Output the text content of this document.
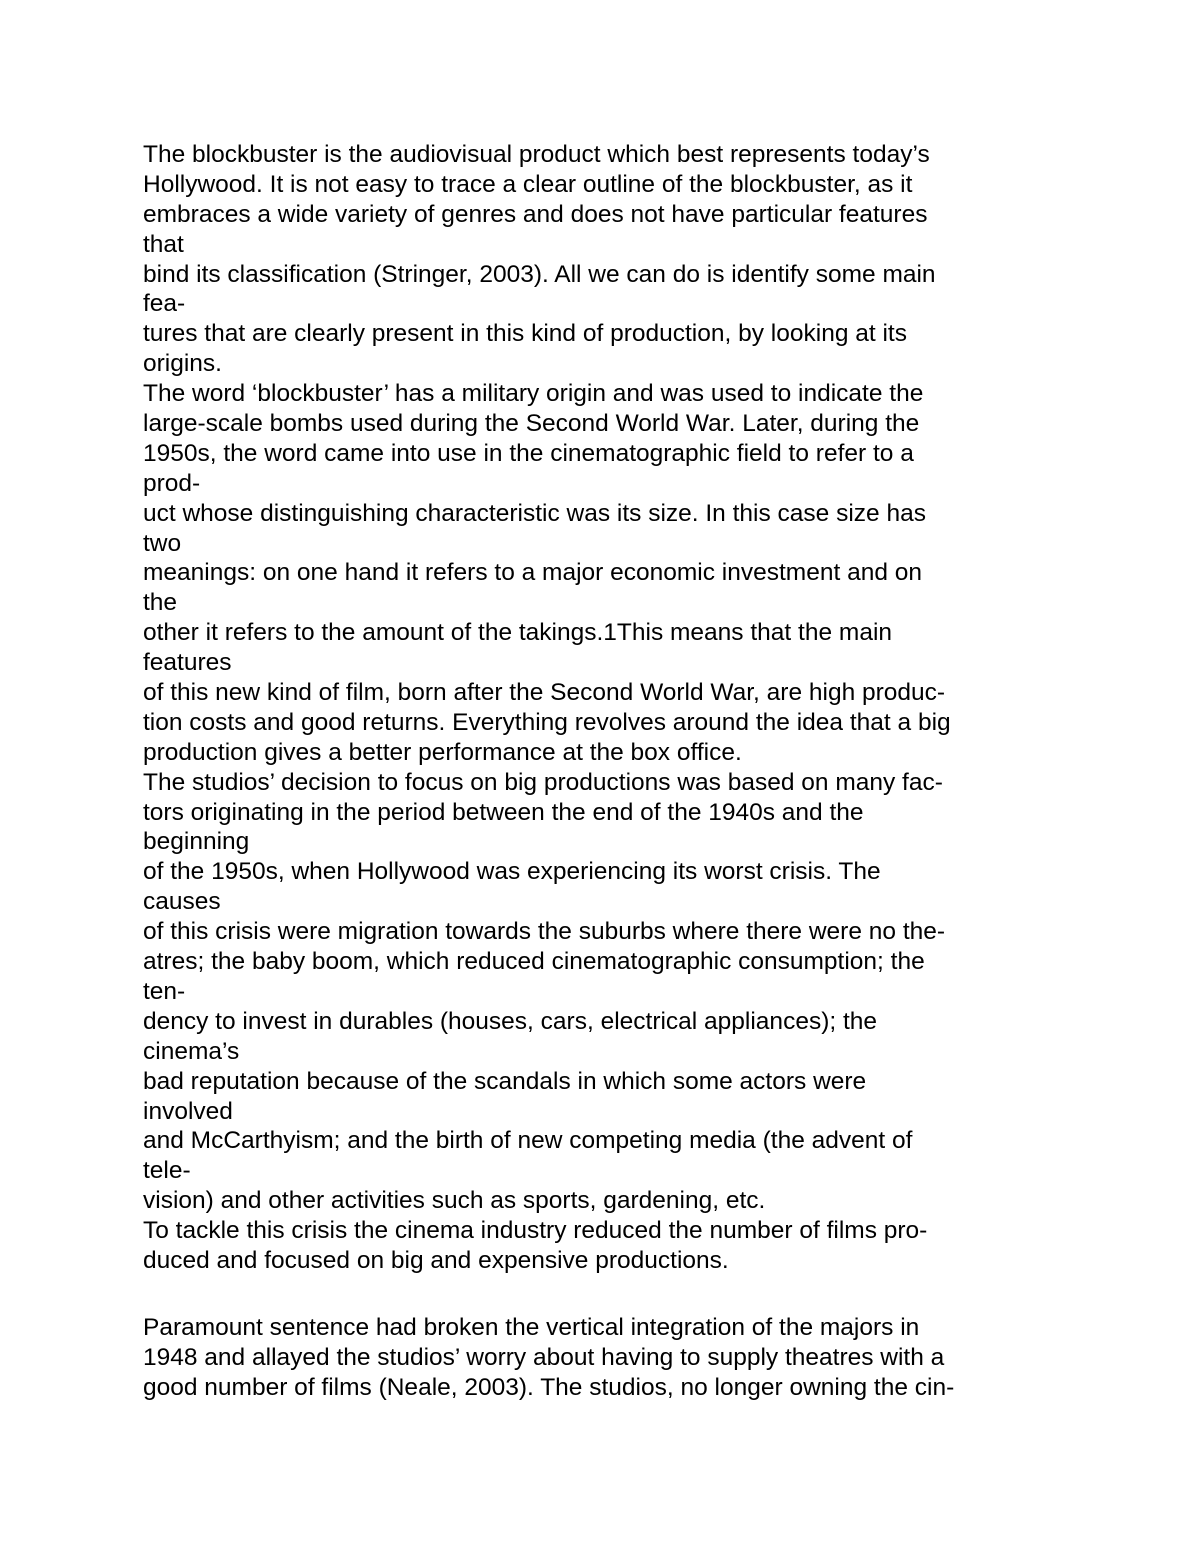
The blockbuster is the audiovisual product which best represents today’s
Hollywood. It is not easy to trace a clear outline of the blockbuster, as it
embraces a wide variety of genres and does not have particular features
that
bind its classification (Stringer, 2003). All we can do is identify some main
fea-
tures that are clearly present in this kind of production, by looking at its
origins.
The word ‘blockbuster’ has a military origin and was used to indicate the
large-scale bombs used during the Second World War. Later, during the
1950s, the word came into use in the cinematographic field to refer to a
prod-
uct whose distinguishing characteristic was its size. In this case size has
two
meanings: on one hand it refers to a major economic investment and on
the
other it refers to the amount of the takings.1This means that the main
features
of this new kind of film, born after the Second World War, are high produc-
tion costs and good returns. Everything revolves around the idea that a big
production gives a better performance at the box office.
The studios’ decision to focus on big productions was based on many fac-
tors originating in the period between the end of the 1940s and the
beginning
of the 1950s, when Hollywood was experiencing its worst crisis. The
causes
of this crisis were migration towards the suburbs where there were no the-
atres; the baby boom, which reduced cinematographic consumption; the
ten-
dency to invest in durables (houses, cars, electrical appliances); the
cinema’s
bad reputation because of the scandals in which some actors were
involved
and McCarthyism; and the birth of new competing media (the advent of
tele-
vision) and other activities such as sports, gardening, etc.
To tackle this crisis the cinema industry reduced the number of films pro-
duced and focused on big and expensive productions.
Paramount sentence had broken the vertical integration of the majors in
1948 and allayed the studios’ worry about having to supply theatres with a
good number of films (Neale, 2003). The studios, no longer owning the cin-
